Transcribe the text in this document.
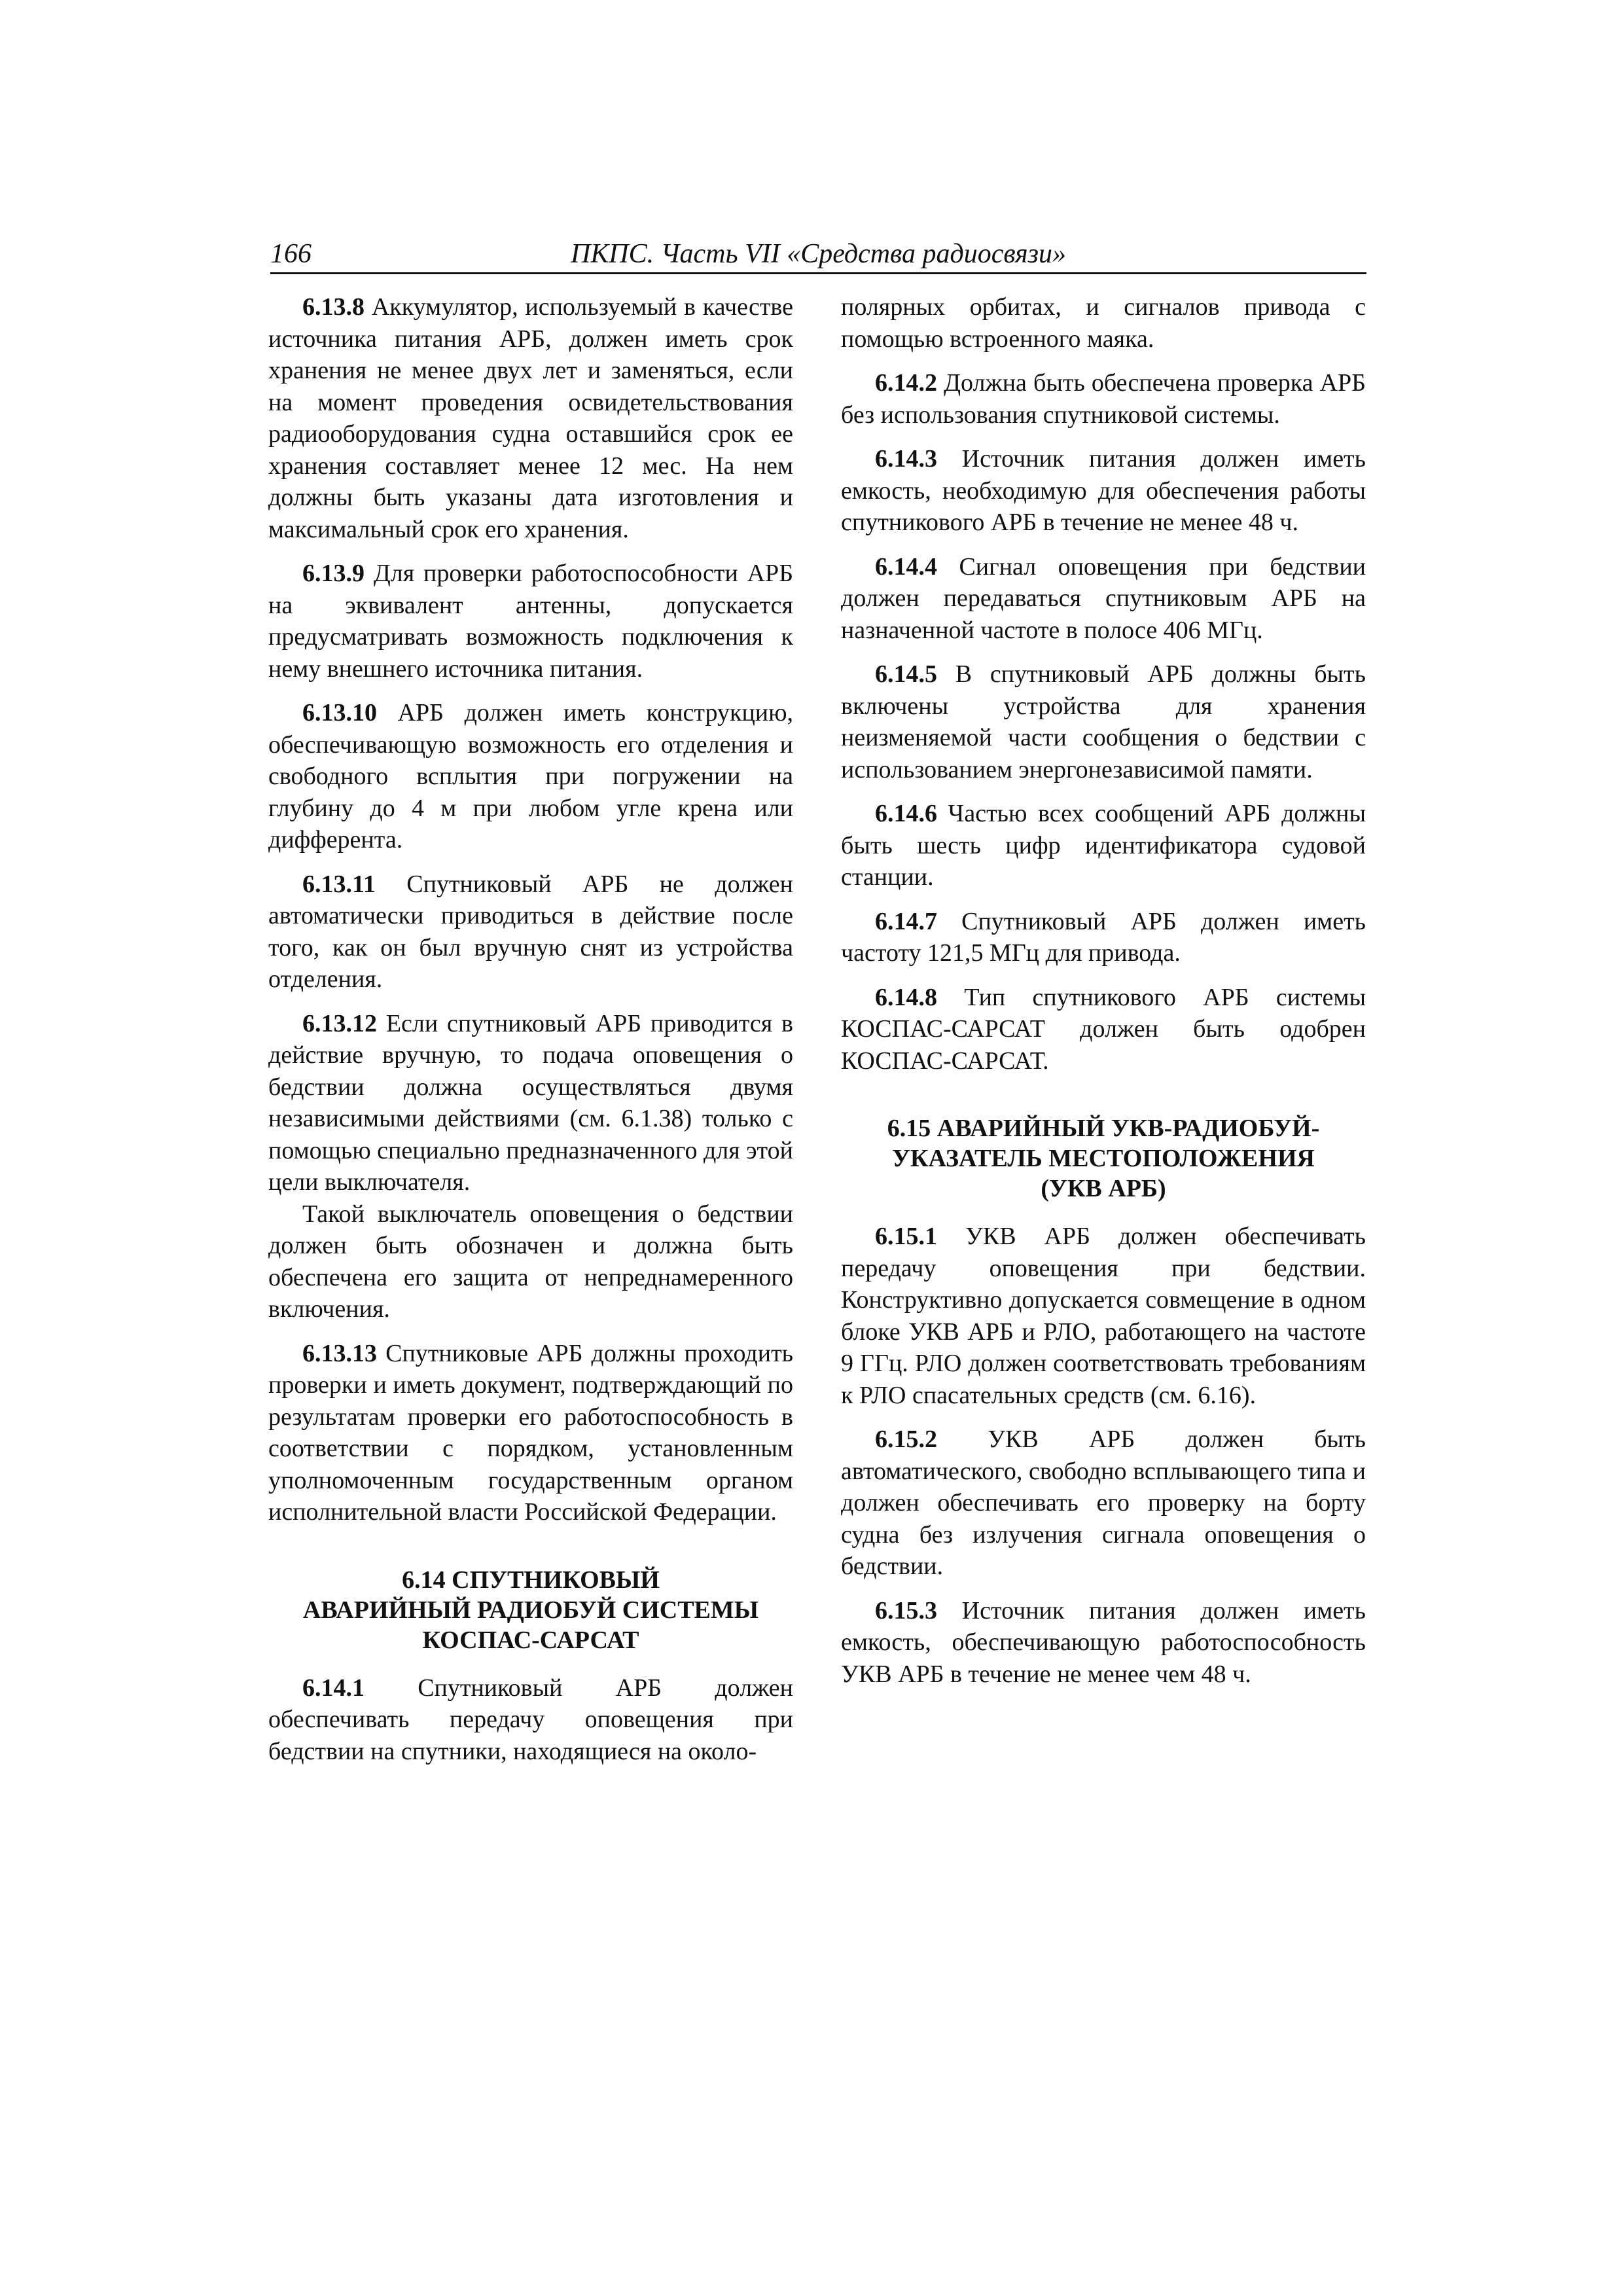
166	ПКПС. Часть VII «Средства радиосвязи»

6.13.8 Аккумулятор, используемый в качестве источника питания АРБ, должен иметь срок хранения не менее двух лет и заменяться, если на момент проведения освидетельствования радиооборудования судна оставшийся срок ее хранения составляет менее 12 мес. На нем должны быть указаны дата изготовления и максимальный срок его хранения.

6.13.9 Для проверки работоспособности АРБ на эквивалент антенны, допускается предусматривать возможность подключения к нему внешнего источника питания.

6.13.10 АРБ должен иметь конструкцию, обеспечивающую возможность его отделения и свободного всплытия при погружении на глубину до 4 м при любом угле крена или дифферента.

6.13.11 Спутниковый АРБ не должен автоматически приводиться в действие после того, как он был вручную снят из устройства отделения.

6.13.12 Если спутниковый АРБ приводится в действие вручную, то подача оповещения о бедствии должна осуществляться двумя независимыми действиями (см. 6.1.38) только с помощью специально предназначенного для этой цели выключателя.

Такой выключатель оповещения о бедствии должен быть обозначен и должна быть обеспечена его защита от непреднамеренного включения.

6.13.13 Спутниковые АРБ должны проходить проверки и иметь документ, подтверждающий по результатам проверки его работоспособность в соответствии с порядком, установленным уполномоченным государственным органом исполнительной власти Российской Федерации.

6.14 СПУТНИКОВЫЙ
АВАРИЙНЫЙ РАДИОБУЙ СИСТЕМЫ
КОСПАС-САРСАТ

6.14.1 Спутниковый АРБ должен обеспечивать передачу оповещения при бедствии на спутники, находящиеся на около-

полярных орбитах, и сигналов привода с помощью встроенного маяка.

6.14.2 Должна быть обеспечена проверка АРБ без использования спутниковой системы.

6.14.3 Источник питания должен иметь емкость, необходимую для обеспечения работы спутникового АРБ в течение не менее 48 ч.

6.14.4 Сигнал оповещения при бедствии должен передаваться спутниковым АРБ на назначенной частоте в полосе 406 МГц.

6.14.5 В спутниковый АРБ должны быть включены устройства для хранения неизменяемой части сообщения о бедствии с использованием энергонезависимой памяти.

6.14.6 Частью всех сообщений АРБ должны быть шесть цифр идентификатора судовой станции.

6.14.7 Спутниковый АРБ должен иметь частоту 121,5 МГц для привода.

6.14.8 Тип спутникового АРБ системы КОСПАС-САРСАТ должен быть одобрен КОСПАС-САРСАТ.

6.15 АВАРИЙНЫЙ УКВ-РАДИОБУЙ-
УКАЗАТЕЛЬ МЕСТОПОЛОЖЕНИЯ
(УКВ АРБ)

6.15.1 УКВ АРБ должен обеспечивать передачу оповещения при бедствии. Конструктивно допускается совмещение в одном блоке УКВ АРБ и РЛО, работающего на частоте 9 ГГц. РЛО должен соответствовать требованиям к РЛО спасательных средств (см. 6.16).

6.15.2 УКВ АРБ должен быть автоматического, свободно всплывающего типа и должен обеспечивать его проверку на борту судна без излучения сигнала оповещения о бедствии.

6.15.3 Источник питания должен иметь емкость, обеспечивающую работоспособность УКВ АРБ в течение не менее чем 48 ч.
